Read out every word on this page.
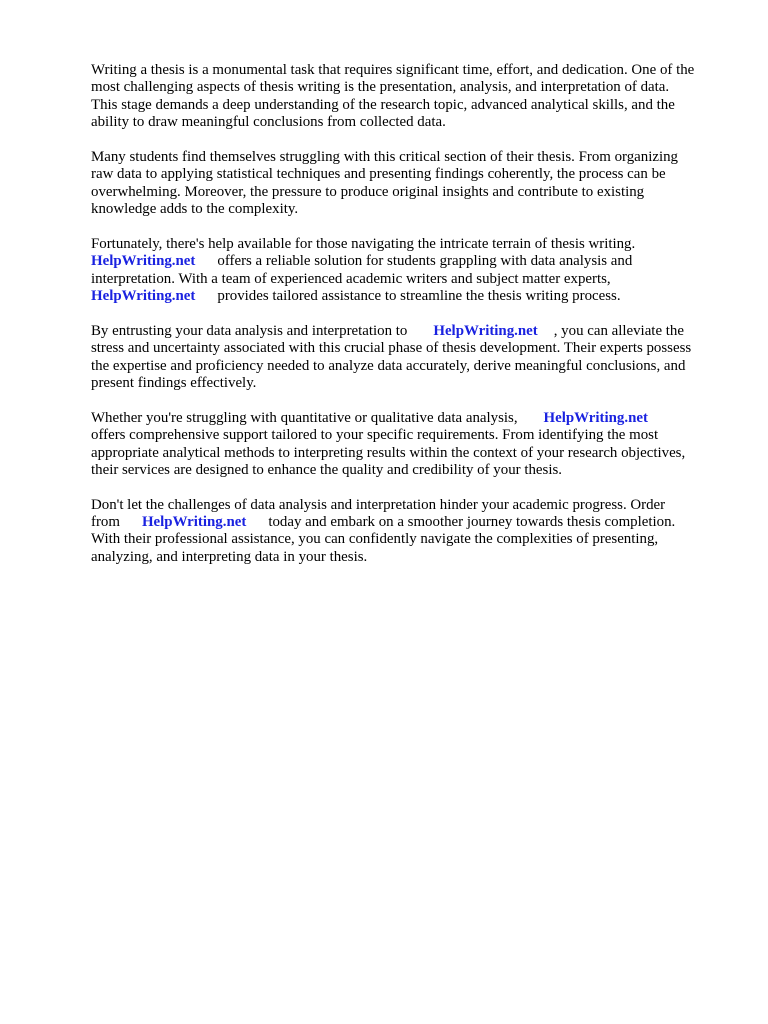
Writing a thesis is a monumental task that requires significant time, effort, and dedication. One of the
most challenging aspects of thesis writing is the presentation, analysis, and interpretation of data.
This stage demands a deep understanding of the research topic, advanced analytical skills, and the
ability to draw meaningful conclusions from collected data.

Many students find themselves struggling with this critical section of their thesis. From organizing
raw data to applying statistical techniques and presenting findings coherently, the process can be
overwhelming. Moreover, the pressure to produce original insights and contribute to existing
knowledge adds to the complexity.

Fortunately, there's help available for those navigating the intricate terrain of thesis writing.
HelpWriting.net offers a reliable solution for students grappling with data analysis and
interpretation. With a team of experienced academic writers and subject matter experts,
HelpWriting.net provides tailored assistance to streamline the thesis writing process.

By entrusting your data analysis and interpretation to HelpWriting.net , you can alleviate the
stress and uncertainty associated with this crucial phase of thesis development. Their experts possess
the expertise and proficiency needed to analyze data accurately, derive meaningful conclusions, and
present findings effectively.

Whether you're struggling with quantitative or qualitative data analysis, HelpWriting.net
offers comprehensive support tailored to your specific requirements. From identifying the most
appropriate analytical methods to interpreting results within the context of your research objectives,
their services are designed to enhance the quality and credibility of your thesis.

Don't let the challenges of data analysis and interpretation hinder your academic progress. Order
from HelpWriting.net today and embark on a smoother journey towards thesis completion.
With their professional assistance, you can confidently navigate the complexities of presenting,
analyzing, and interpreting data in your thesis.
